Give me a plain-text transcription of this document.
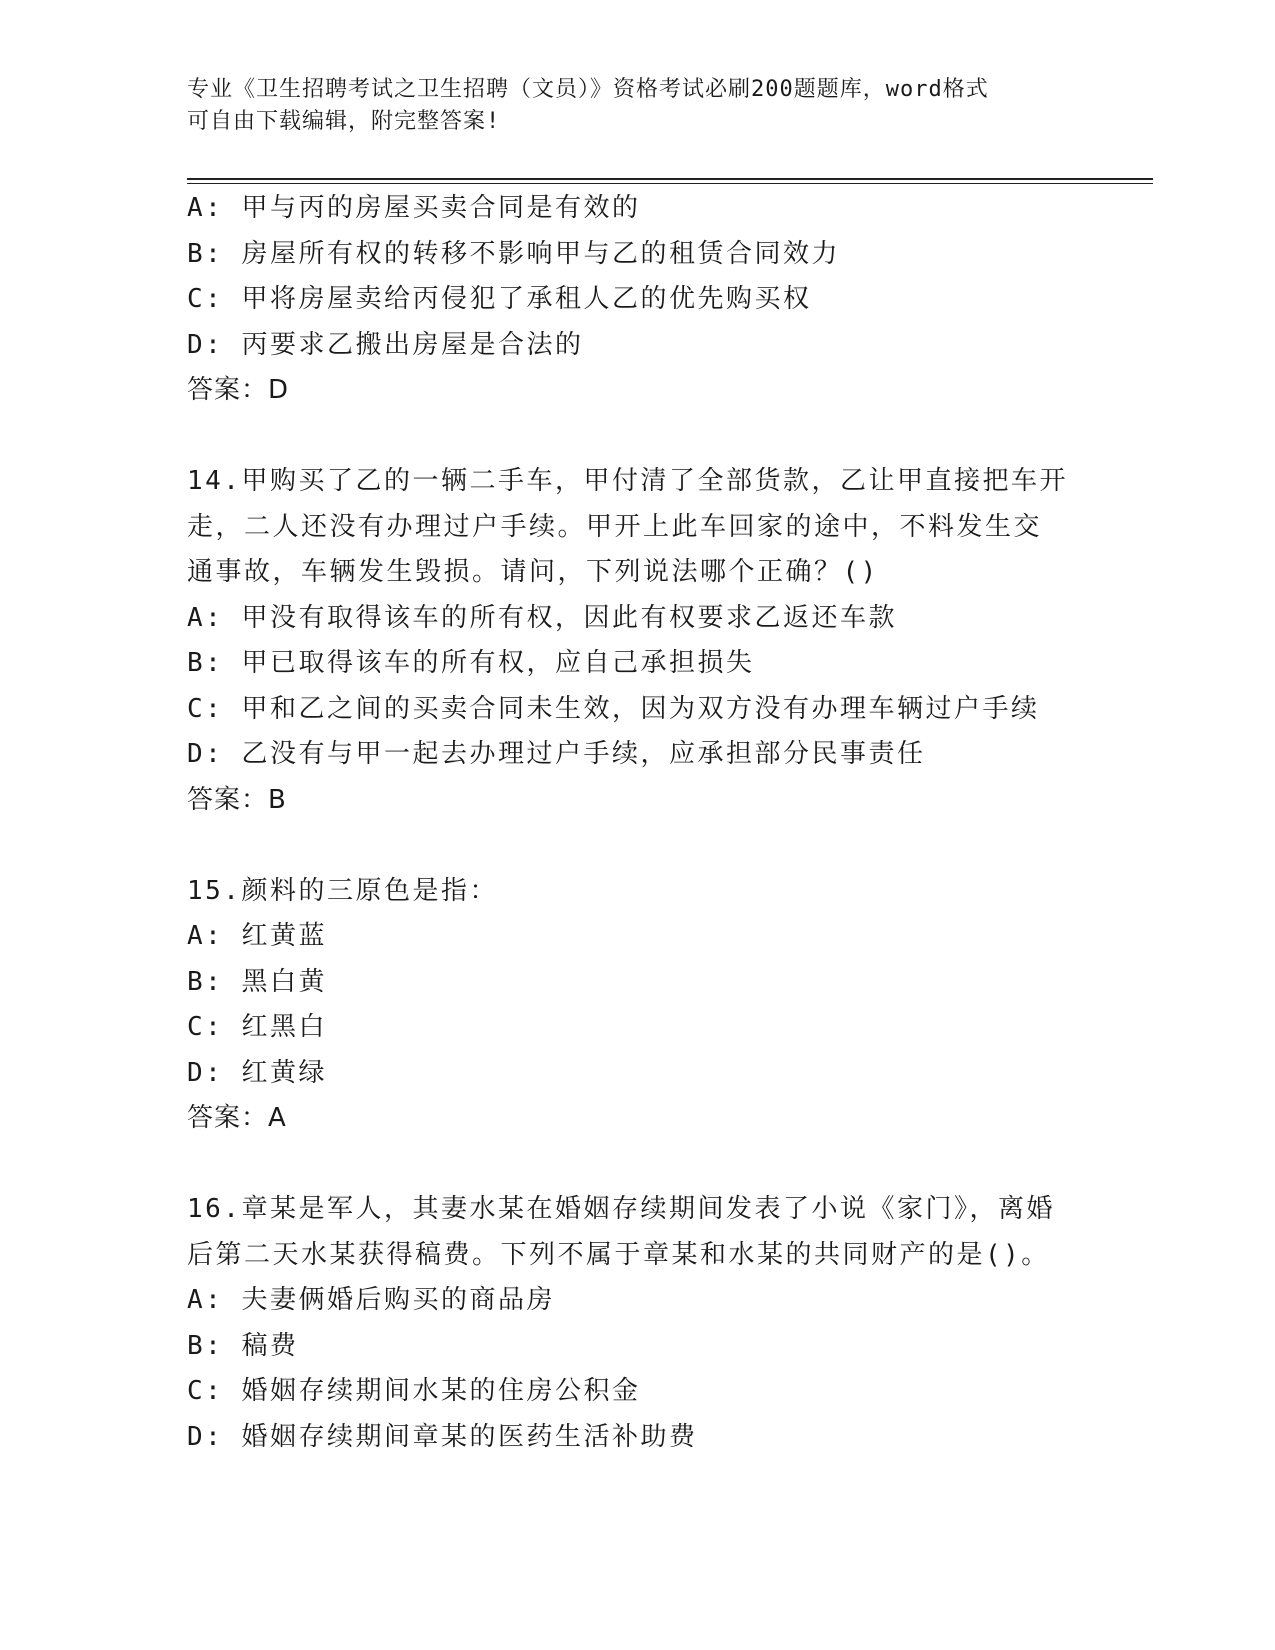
专业《卫生招聘考试之卫生招聘（文员）》资格考试必刷200题题库，word格式
可自由下载编辑，附完整答案!
A: 甲与丙的房屋买卖合同是有效的
B: 房屋所有权的转移不影响甲与乙的租赁合同效力
C: 甲将房屋卖给丙侵犯了承租人乙的优先购买权
D: 丙要求乙搬出房屋是合法的
答案：D
14.甲购买了乙的一辆二手车，甲付清了全部货款，乙让甲直接把车开
走，二人还没有办理过户手续。甲开上此车回家的途中，不料发生交
通事故，车辆发生毁损。请问，下列说法哪个正确？()
A: 甲没有取得该车的所有权，因此有权要求乙返还车款
B: 甲已取得该车的所有权，应自己承担损失
C: 甲和乙之间的买卖合同未生效，因为双方没有办理车辆过户手续
D: 乙没有与甲一起去办理过户手续，应承担部分民事责任
答案：B
15.颜料的三原色是指：
A: 红黄蓝
B: 黑白黄
C: 红黑白
D: 红黄绿
答案：A
16.章某是军人，其妻水某在婚姻存续期间发表了小说《家门》，离婚
后第二天水某获得稿费。下列不属于章某和水某的共同财产的是()。
A: 夫妻俩婚后购买的商品房
B: 稿费
C: 婚姻存续期间水某的住房公积金
D: 婚姻存续期间章某的医药生活补助费
